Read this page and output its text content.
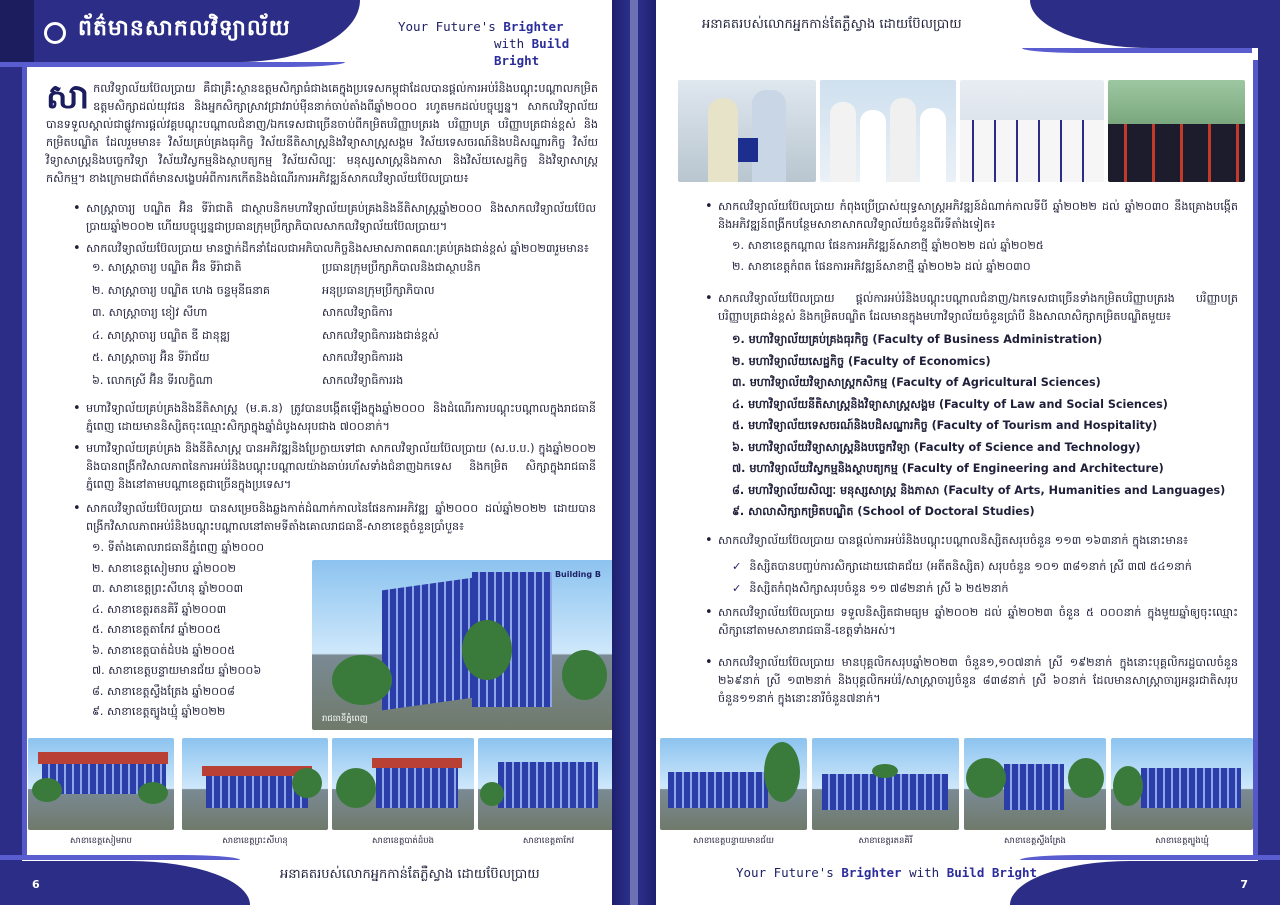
ព័ត៌មានសាកលវិទ្យាល័យ	Your Future's Brighter
with Build Bright
សា កលវិទ្យាល័យប៊ែលប្រាយ គឺជាគ្រឹះស្ថានឧត្តមសិក្សាធំជាងគេក្នុងប្រទេសកម្ពុជាដែលបានផ្ដល់ការអប់រំនិងបណ្ដុះបណ្ដាលកម្រិតឧត្តមសិក្សាដល់យុវជន និងអ្នកសិក្សាស្រាវជ្រាវរាប់ម៉ឺននាក់ចាប់តាំងពីឆ្នាំ២០០០ រហូតមកដល់បច្ចុប្បន្ន។ សាកលវិទ្យាល័យបានទទួលស្គាល់ជាផ្លូវការផ្ដល់វគ្គបណ្ដុះបណ្ដាលជំនាញ/ឯកទេសជាច្រើនចាប់ពីកម្រិតបរិញ្ញាបត្ររង បរិញ្ញាបត្រ បរិញ្ញាបត្រជាន់ខ្ពស់ និងកម្រិតបណ្ឌិត ដែលរួមមាន៖ វិស័យគ្រប់គ្រងធុរកិច្ច វិស័យនីតិសាស្ត្រនិងវិទ្យាសាស្ត្រសង្គម វិស័យទេសចរណ៍និងបដិសណ្ឋារកិច្ច វិស័យវិទ្យាសាស្ត្រនិងបច្ចេកវិទ្យា វិស័យវិស្វកម្មនិងស្ថាបត្យកម្ម វិស័យសិល្បៈ មនុស្សសាស្ត្រនិងភាសា និងវិស័យសេដ្ឋកិច្ច និងវិទ្យាសាស្ត្រកសិកម្ម។ ខាងក្រោមជាព័ត៌មានសង្ខេបអំពីការកកើតនិងដំណើរការអភិវឌ្ឍន៍សាកលវិទ្យាល័យប៊ែលប្រាយ៖
• សាស្ត្រាចារ្យ បណ្ឌិត អ៊ិន ទីរ៉ាជាតិ ជាស្ថាបនិកមហាវិទ្យាល័យគ្រប់គ្រងនិងនីតិសាស្ត្រឆ្នាំ២០០០ និងសាកលវិទ្យាល័យប៊ែលប្រាយឆ្នាំ២០០២ ហើយបច្ចុប្បន្នជាប្រធានក្រុមប្រឹក្សាភិបាលសាកលវិទ្យាល័យប៊ែលប្រាយ។
• សាកលវិទ្យាល័យប៊ែលប្រាយ មានថ្នាក់ដឹកនាំដែលជាអភិបាលកិច្ចនិងសមាសភាពគណៈគ្រប់គ្រងជាន់ខ្ពស់ ឆ្នាំ២០២៣រួមមាន៖
១. សាស្ត្រាចារ្យ បណ្ឌិត អ៊ិន ទីរ៉ាជាតិ	ប្រធានក្រុមប្រឹក្សាភិបាលនិងជាស្ថាបនិក
២. សាស្ត្រាចារ្យ បណ្ឌិត ហេង ចន្ទមុនីធនាគ	អនុប្រធានក្រុមប្រឹក្សាភិបាល
៣. សាស្ត្រាចារ្យ ខៀវ សីហា	សាកលវិទ្យាធិការ
៤. សាស្ត្រាចារ្យ បណ្ឌិត ឌី ដានុឌ្ឍ	សាកលវិទ្យាធិការរងជាន់ខ្ពស់
៥. សាស្ត្រាចារ្យ អ៊ិន ទីរ៉ាជ័យ	សាកលវិទ្យាធិការរង
៦. លោកស្រី អ៊ិន ទីរលក្ខិណា	សាកលវិទ្យាធិការរង
• មហាវិទ្យាល័យគ្រប់គ្រងនិងនីតិសាស្ត្រ (ម.គ.ន) ត្រូវបានបង្កើតឡើងក្នុងឆ្នាំ២០០០ និងដំណើរការបណ្ដុះបណ្ដាលក្នុងរាជធានីភ្នំពេញ ដោយមាននិស្សិតចុះឈ្មោះសិក្សាក្នុងឆ្នាំដំបូងសរុបជាង ៧០០នាក់។
• មហាវិទ្យាល័យគ្រប់គ្រង និងនីតិសាស្ត្រ បានអភិវឌ្ឍនិងប្រែក្លាយទៅជា សាកលវិទ្យាល័យប៊ែលប្រាយ (ស.ប.ប.) ក្នុងឆ្នាំ២០០២ និងបានពង្រីកវិសាលភាពនៃការអប់រំនិងបណ្ដុះបណ្ដាលយ៉ាងឆាប់រហ័សទាំងជំនាញឯកទេស និងកម្រិត សិក្សាក្នុងរាជធានីភ្នំពេញ និងនៅតាមបណ្ដាខេត្តជាច្រើនក្នុងប្រទេស។
• សាកលវិទ្យាល័យប៊ែលប្រាយ បានសម្រេចនិងឆ្លងកាត់ដំណាក់កាលនៃផែនការអភិវឌ្ឍ ឆ្នាំ២០០០ ដល់ឆ្នាំ២០២២ ដោយបានពង្រីកវិសាលភាពអប់រំនិងបណ្ដុះបណ្ដាលនៅតាមទីតាំងគោលរាជធានី-សាខាខេត្តចំនួនប្រាំបួន៖
១. ទីតាំងគោលរាជធានីភ្នំពេញ ឆ្នាំ២០០០
២. សាខាខេត្តសៀមរាប ឆ្នាំ២០០២
៣. សាខាខេត្តព្រះសីហនុ ឆ្នាំ២០០៣
៤. សាខាខេត្តរតនគិរី ឆ្នាំ២០០៣
៥. សាខាខេត្តតាកែវ ឆ្នាំ២០០៥
៦. សាខាខេត្តបាត់ដំបង ឆ្នាំ២០០៥
៧. សាខាខេត្តបន្ទាយមានជ័យ ឆ្នាំ២០០៦
៨. សាខាខេត្តស្ទឹងត្រែង ឆ្នាំ២០០៨
៩. សាខាខេត្តត្បូងឃ្មុំ ឆ្នាំ២០២២
Building B
រាជធានីភ្នំពេញ
សាខាខេត្តសៀមរាប	សាខាខេត្តព្រះសីហនុ	សាខាខេត្តបាត់ដំបង	សាខាខេត្តតាកែវ
6
អនាគតរបស់លោកអ្នកកាន់តែភ្លឺស្វាង ដោយប៊ែលប្រាយ
អនាគតរបស់លោកអ្នកកាន់តែភ្លឺស្វាង ដោយប៊ែលប្រាយ
• សាកលវិទ្យាល័យប៊ែលប្រាយ កំពុងប្រើប្រាស់យុទ្ធសាស្ត្រអភិវឌ្ឍន៍ដំណាក់កាលទីបី ឆ្នាំ២០២២ ដល់ ឆ្នាំ២០៣០ នឹងគ្រោងបង្កើតនិងអភិវឌ្ឍន៍ពង្រីកបន្ថែមសាខាសាកលវិទ្យាល័យចំនួនពីរទីតាំងទៀត៖
១. សាខាខេត្តកណ្ដាល ផែនការអភិវឌ្ឍន៍សាខាថ្មី ឆ្នាំ២០២២ ដល់ ឆ្នាំ២០២៥
២. សាខាខេត្តកំពត ផែនការអភិវឌ្ឍន៍សាខាថ្មី ឆ្នាំ២០២៦ ដល់ ឆ្នាំ២០៣០
• សាកលវិទ្យាល័យប៊ែលប្រាយ ផ្ដល់ការអប់រំនិងបណ្ដុះបណ្ដាលជំនាញ/ឯកទេសជាច្រើនទាំងកម្រិតបរិញ្ញាបត្ររង បរិញ្ញាបត្រ បរិញ្ញាបត្រជាន់ខ្ពស់ និងកម្រិតបណ្ឌិត ដែលមានក្នុងមហាវិទ្យាល័យចំនួនប្រាំបី និងសាលាសិក្សាកម្រិតបណ្ឌិតមួយ៖
១. មហាវិទ្យាល័យគ្រប់គ្រងធុរកិច្ច (Faculty of Business Administration)
២. មហាវិទ្យាល័យសេដ្ឋកិច្ច (Faculty of Economics)
៣. មហាវិទ្យាល័យវិទ្យាសាស្ត្រកសិកម្ម (Faculty of Agricultural Sciences)
៤. មហាវិទ្យាល័យនីតិសាស្ត្រនិងវិទ្យាសាស្ត្រសង្គម (Faculty of Law and Social Sciences)
៥. មហាវិទ្យាល័យទេសចរណ៍និងបដិសណ្ឋារកិច្ច (Faculty of Tourism and Hospitality)
៦. មហាវិទ្យាល័យវិទ្យាសាស្ត្រនិងបច្ចេកវិទ្យា (Faculty of Science and Technology)
៧. មហាវិទ្យាល័យវិស្វកម្មនិងស្ថាបត្យកម្ម (Faculty of Engineering and Architecture)
៨. មហាវិទ្យាល័យសិល្បៈ មនុស្សសាស្ត្រ និងភាសា (Faculty of Arts, Humanities and Languages)
៩. សាលាសិក្សាកម្រិតបណ្ឌិត (School of Doctoral Studies)
• សាកលវិទ្យាល័យប៊ែលប្រាយ បានផ្ដល់ការអប់រំនិងបណ្ដុះបណ្ដាលនិស្សិតសរុបចំនួន ១១៣ ១៦៣នាក់ ក្នុងនោះមាន៖
✓ និស្សិតបានបញ្ចប់ការសិក្សាដោយជោគជ័យ (អតីតនិស្សិត) សរុបចំនួន ១០១ ៣៨១នាក់ ស្រី ៣៧ ៥៤១នាក់
✓ និស្សិតកំពុងសិក្សាសរុបចំនួន ១១ ៧៨២នាក់ ស្រី ៦ ២៥២នាក់
• សាកលវិទ្យាល័យប៊ែលប្រាយ ទទួលនិស្សិតជាមធ្យម ឆ្នាំ២០០២ ដល់ ឆ្នាំ២០២៣ ចំនួន ៥ ០០០នាក់ ក្នុងមួយឆ្នាំឲ្យចុះឈ្មោះសិក្សានៅតាមសាខារាជធានី-ខេត្តទាំងអស់។
• សាកលវិទ្យាល័យប៊ែលប្រាយ មានបុគ្គលិកសរុបឆ្នាំ២០២៣ ចំនួន១,១០៧នាក់ ស្រី ១៩២នាក់ ក្នុងនោះបុគ្គលិករដ្ឋបាលចំនួន ២៦៩នាក់ ស្រី ១៣២នាក់ និងបុគ្គលិកអប់រំ/សាស្ត្រាចារ្យចំនួន ៨៣៨នាក់ ស្រី ៦០នាក់ ដែលមានសាស្ត្រាចារ្យអន្តរជាតិសរុបចំនួន១១នាក់ ក្នុងនោះនារីចំនួន៧នាក់។
សាខាខេត្តបន្ទាយមានជ័យ	សាខាខេត្តរតនគិរី	សាខាខេត្តស្ទឹងត្រែង	សាខាខេត្តត្បូងឃ្មុំ
Your Future's Brighter with Build Bright
7
